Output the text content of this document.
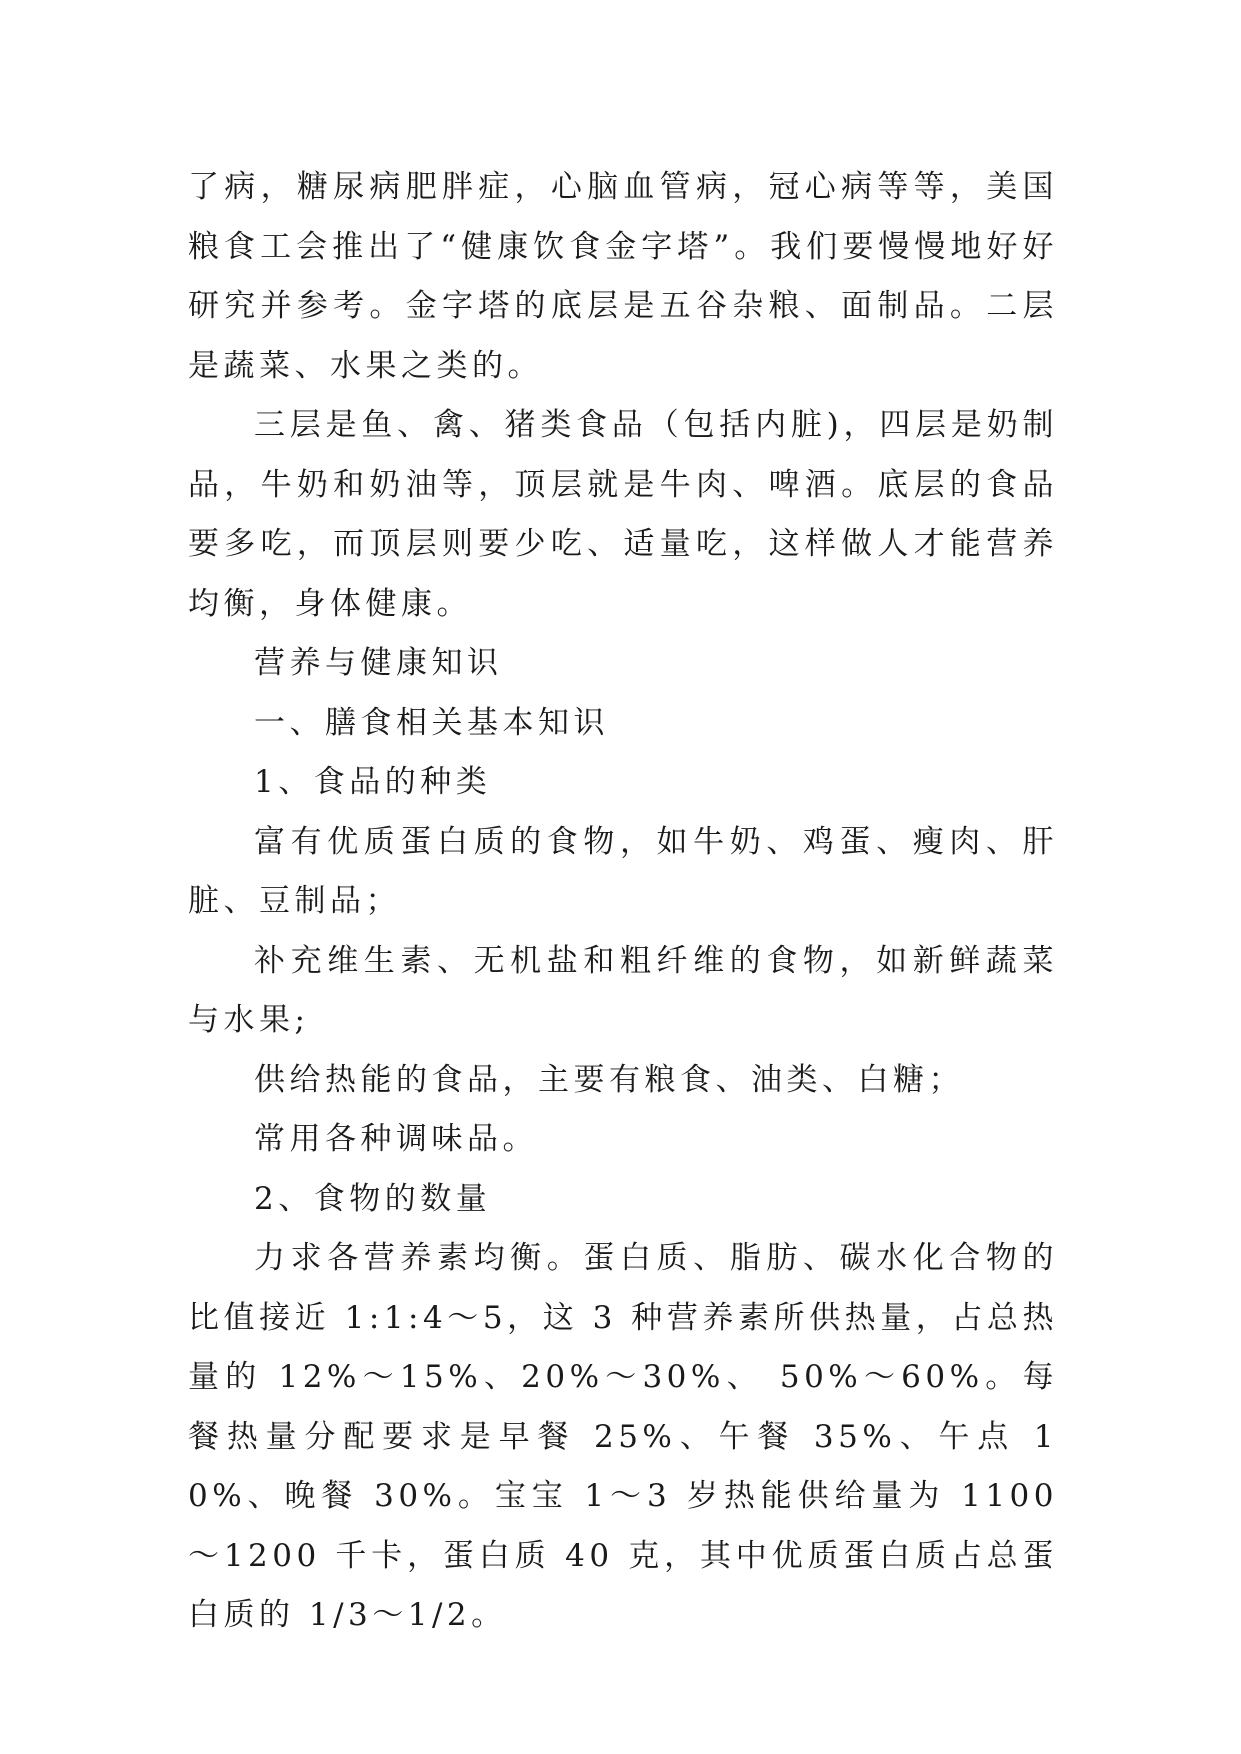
了病，糖尿病肥胖症，心脑血管病，冠心病等等，美国粮食工会推出了“健康饮食金字塔”。我们要慢慢地好好研究并参考。金字塔的底层是五谷杂粮、面制品。二层是蔬菜、水果之类的。

三层是鱼、禽、猪类食品（包括内脏)，四层是奶制品，牛奶和奶油等，顶层就是牛肉、啤酒。底层的食品要多吃，而顶层则要少吃、适量吃，这样做人才能营养均衡，身体健康。

营养与健康知识

一、膳食相关基本知识

1、食品的种类

富有优质蛋白质的食物，如牛奶、鸡蛋、瘦肉、肝脏、豆制品；

补充维生素、无机盐和粗纤维的食物，如新鲜蔬菜与水果;

供给热能的食品，主要有粮食、油类、白糖；

常用各种调味品。

2、食物的数量

力求各营养素均衡。蛋白质、脂肪、碳水化合物的比值接近 1:1:4～5，这 3 种营养素所供热量，占总热量的 12%～15%、20%～30%、 50%～60%。每餐热量分配要求是早餐 25%、午餐 35%、午点 10%、晚餐 30%。宝宝 1～3 岁热能供给量为 1100～1200 千卡，蛋白质 40 克，其中优质蛋白质占总蛋白质的 1/3～1/2。
